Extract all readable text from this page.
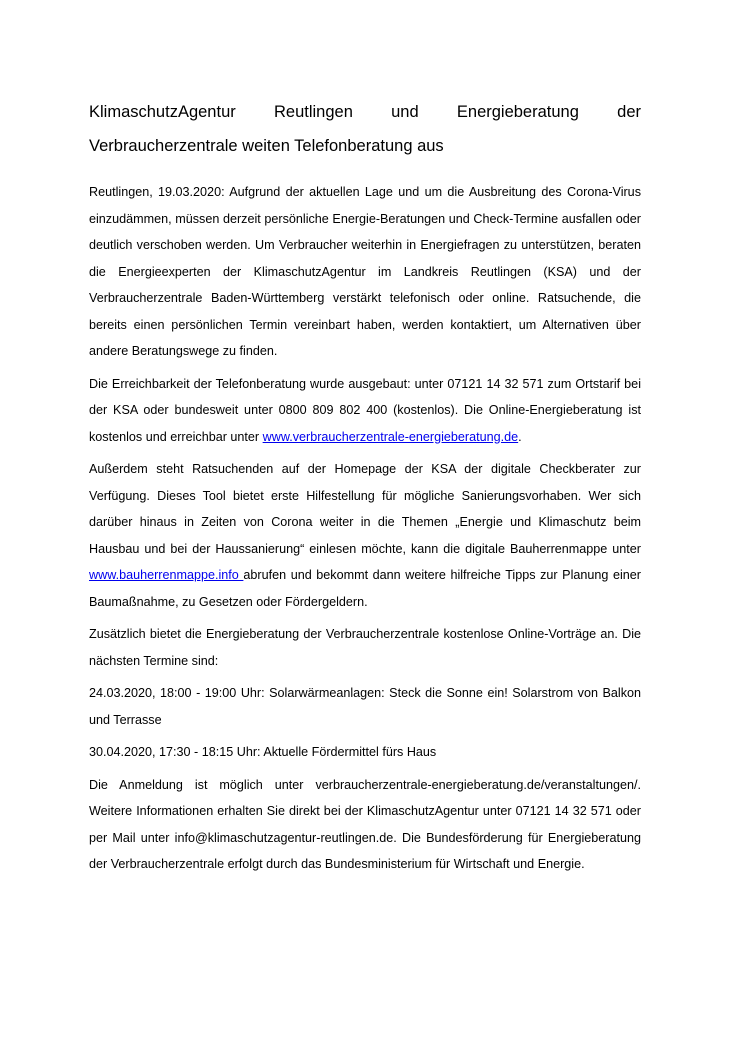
KlimaschutzAgentur Reutlingen und Energieberatung der
Verbraucherzentrale weiten Telefonberatung aus

Reutlingen, 19.03.2020: Aufgrund der aktuellen Lage und um die Ausbreitung des Corona-Virus einzudämmen, müssen derzeit persönliche Energie-Beratungen und Check-Termine ausfallen oder deutlich verschoben werden. Um Verbraucher weiterhin in Energiefragen zu unterstützen, beraten die Energieexperten der KlimaschutzAgentur im Landkreis Reutlingen (KSA) und der Verbraucherzentrale Baden-Württemberg verstärkt telefonisch oder online. Ratsuchende, die bereits einen persönlichen Termin vereinbart haben, werden kontaktiert, um Alternativen über andere Beratungswege zu finden.

Die Erreichbarkeit der Telefonberatung wurde ausgebaut: unter 07121 14 32 571 zum Ortstarif bei der KSA oder bundesweit unter 0800 809 802 400 (kostenlos). Die Online-Energieberatung ist kostenlos und erreichbar unter www.verbraucherzentrale-energieberatung.de.

Außerdem steht Ratsuchenden auf der Homepage der KSA der digitale Checkberater zur Verfügung. Dieses Tool bietet erste Hilfestellung für mögliche Sanierungsvorhaben. Wer sich darüber hinaus in Zeiten von Corona weiter in die Themen „Energie und Klimaschutz beim Hausbau und bei der Haussanierung“ einlesen möchte, kann die digitale Bauherrenmappe unter www.bauherrenmappe.info abrufen und bekommt dann weitere hilfreiche Tipps zur Planung einer Baumaßnahme, zu Gesetzen oder Fördergeldern.

Zusätzlich bietet die Energieberatung der Verbraucherzentrale kostenlose Online-Vorträge an. Die nächsten Termine sind:

24.03.2020, 18:00 - 19:00 Uhr: Solarwärmeanlagen: Steck die Sonne ein! Solarstrom von Balkon und Terrasse

30.04.2020, 17:30 - 18:15 Uhr: Aktuelle Fördermittel fürs Haus

Die Anmeldung ist möglich unter verbraucherzentrale-energieberatung.de/veranstaltungen/. Weitere Informationen erhalten Sie direkt bei der KlimaschutzAgentur unter 07121 14 32 571 oder per Mail unter info@klimaschutzagentur-reutlingen.de. Die Bundesförderung für Energieberatung der Verbraucherzentrale erfolgt durch das Bundesministerium für Wirtschaft und Energie.
